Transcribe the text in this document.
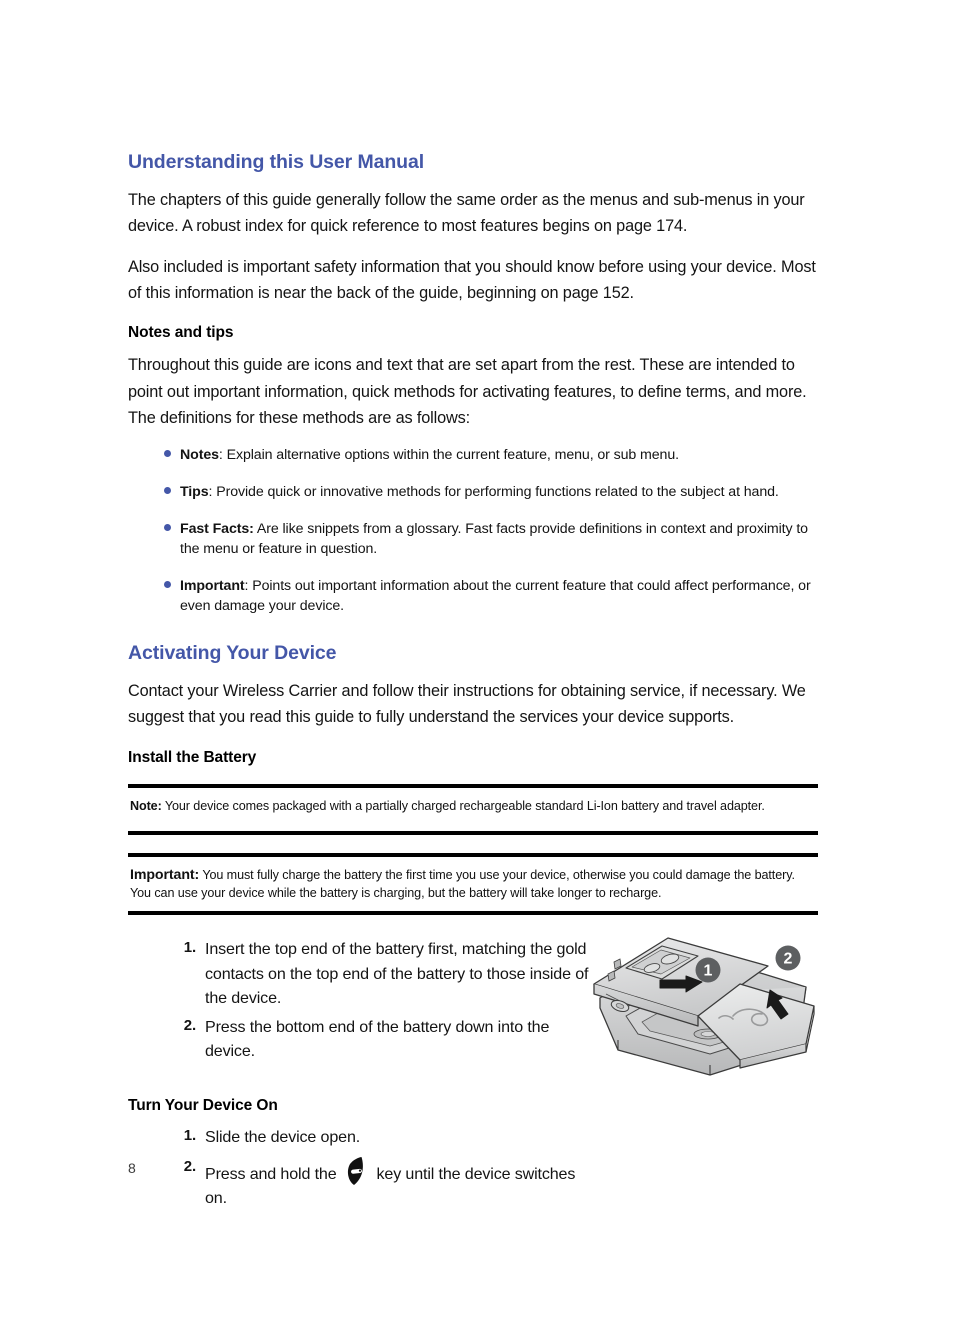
Understanding this User Manual

The chapters of this guide generally follow the same order as the menus and sub-menus in your device. A robust index for quick reference to most features begins on page 174.

Also included is important safety information that you should know before using your device. Most of this information is near the back of the guide, beginning on page 152.

Notes and tips

Throughout this guide are icons and text that are set apart from the rest. These are intended to point out important information, quick methods for activating features, to define terms, and more. The definitions for these methods are as follows:

Notes: Explain alternative options within the current feature, menu, or sub menu.
Tips: Provide quick or innovative methods for performing functions related to the subject at hand.
Fast Facts: Are like snippets from a glossary. Fast facts provide definitions in context and proximity to the menu or feature in question.
Important: Points out important information about the current feature that could affect performance, or even damage your device.
Activating Your Device

Contact your Wireless Carrier and follow their instructions for obtaining service, if necessary. We suggest that you read this guide to fully understand the services your device supports.

Install the Battery
Note: Your device comes packaged with a partially charged rechargeable standard Li-Ion battery and travel adapter.
Important: You must fully charge the battery the first time you use your device, otherwise you could damage the battery. You can use your device while the battery is charging, but the battery will take longer to recharge.
1. Insert the top end of the battery first, matching the gold contacts on the top end of the battery to those inside of the device.
2. Press the bottom end of the battery down into the device.
1
2
Turn Your Device On
1. Slide the device open.
2. Press and hold the key until the device switches on.
8
